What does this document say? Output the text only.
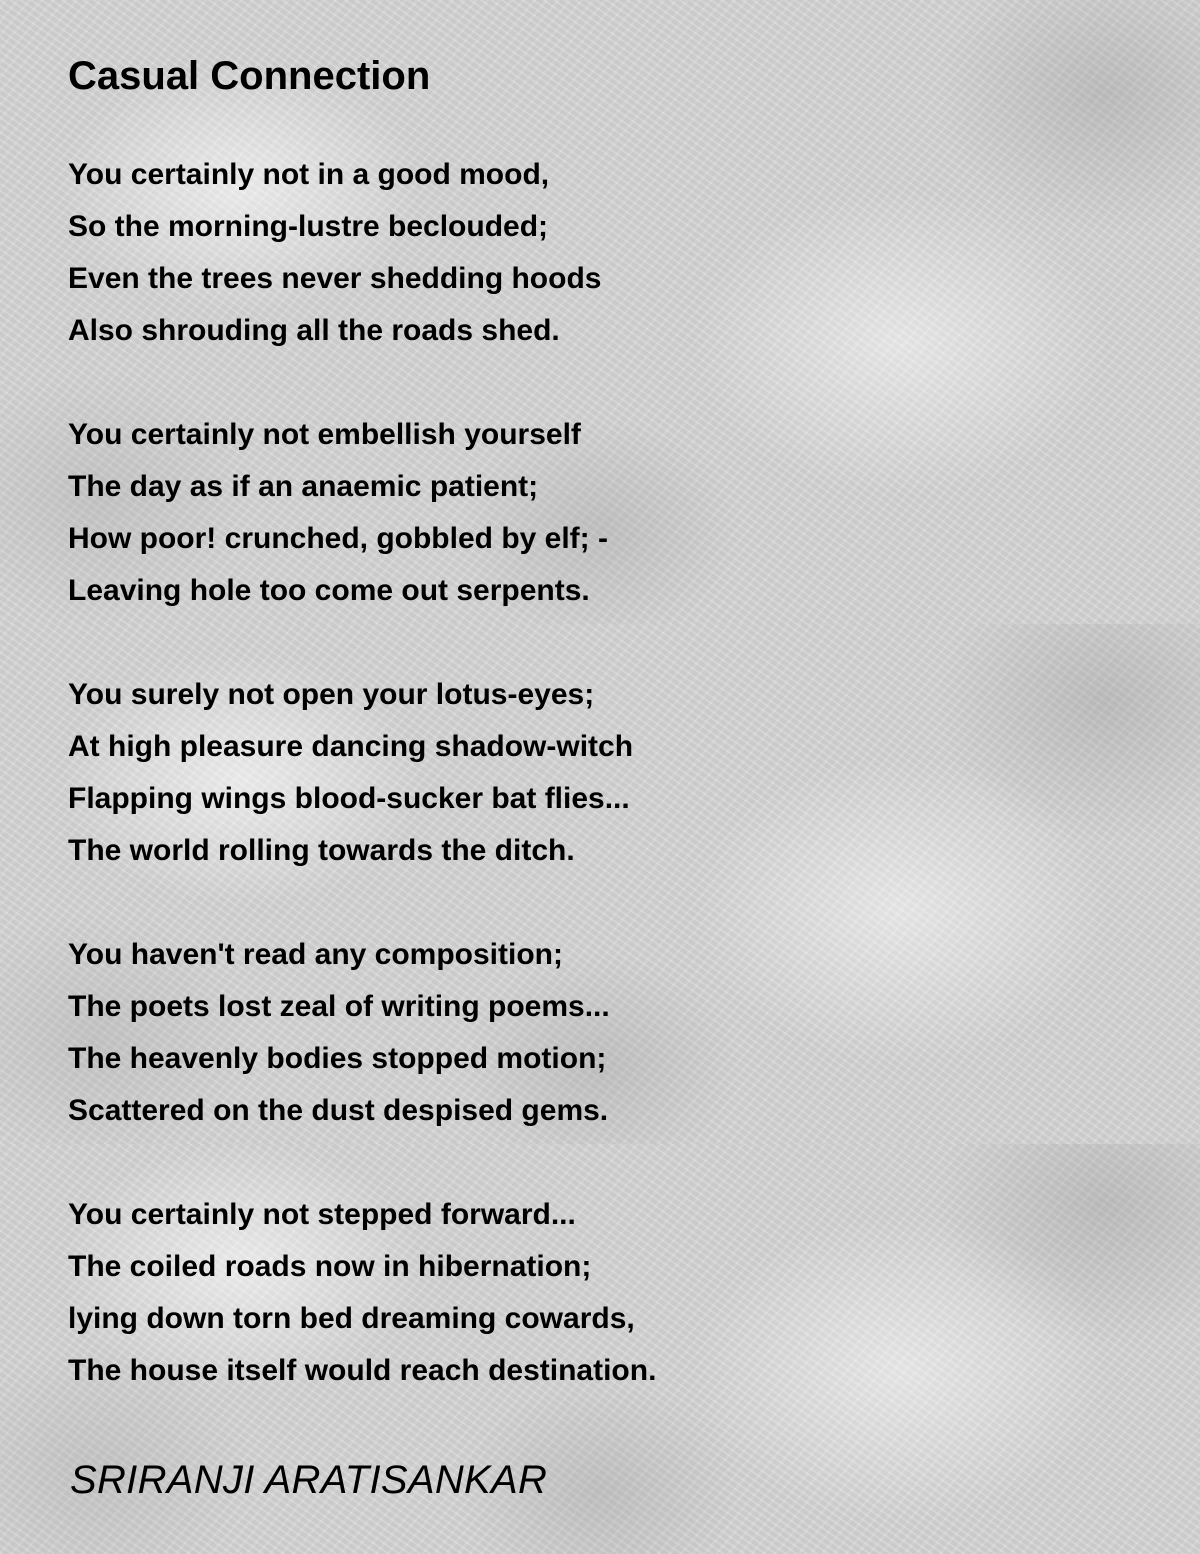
Casual Connection
You certainly not in a good mood,
So the morning-lustre beclouded;
Even the trees never shedding hoods
Also shrouding all the roads shed.
You certainly not embellish yourself
The day as if an anaemic patient;
How poor! crunched, gobbled by elf; -
Leaving hole too come out serpents.
You surely not open your lotus-eyes;
At high pleasure dancing shadow-witch
Flapping wings blood-sucker bat flies...
The world rolling towards the ditch.
You haven't read any composition;
The poets lost zeal of writing poems...
The heavenly bodies stopped motion;
Scattered on the dust despised gems.
You certainly not stepped forward...
The coiled roads now in hibernation;
lying down torn bed dreaming cowards,
The house itself would reach destination.

SRIRANJI ARATISANKAR
